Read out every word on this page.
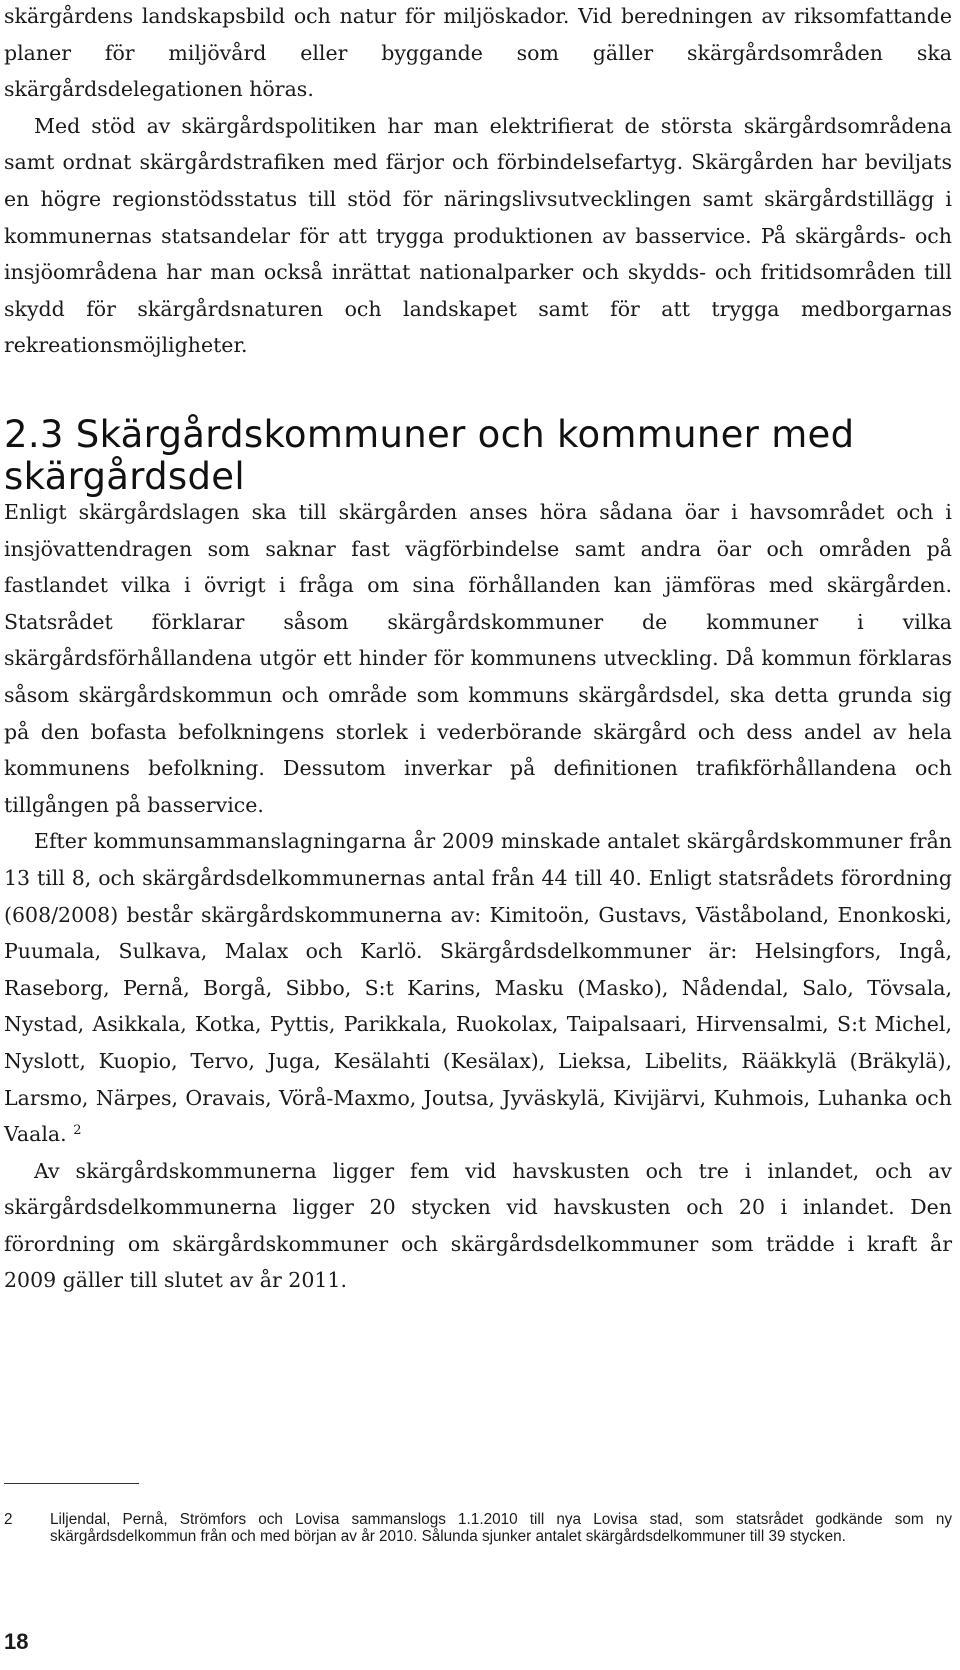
skärgårdens landskapsbild och natur för miljöskador. Vid beredningen av riksomfattande planer för miljövård eller byggande som gäller skärgårdsområden ska skärgårdsdelegationen höras.

Med stöd av skärgårdspolitiken har man elektrifierat de största skärgårdsområdena samt ordnat skärgårdstrafiken med färjor och förbindelsefartyg. Skärgården har beviljats en högre regionstödsstatus till stöd för näringslivsutvecklingen samt skärgårdstillägg i kommunernas statsandelar för att trygga produktionen av basservice. På skärgårds- och insjöområdena har man också inrättat nationalparker och skydds- och fritidsområden till skydd för skärgårdsnaturen och landskapet samt för att trygga medborgarnas rekreationsmöjligheter.

2.3 Skärgårdskommuner och kommuner med skärgårdsdel

Enligt skärgårdslagen ska till skärgården anses höra sådana öar i havsområdet och i insjövattendragen som saknar fast vägförbindelse samt andra öar och områden på fastlandet vilka i övrigt i fråga om sina förhållanden kan jämföras med skärgården. Statsrådet förklarar såsom skärgårdskommuner de kommuner i vilka skärgårdsförhållandena utgör ett hinder för kommunens utveckling. Då kommun förklaras såsom skärgårdskommun och område som kommuns skärgårdsdel, ska detta grunda sig på den bofasta befolkningens storlek i vederbörande skärgård och dess andel av hela kommunens befolkning. Dessutom inverkar på definitionen trafikförhållandena och tillgången på basservice.

Efter kommunsammanslagningarna år 2009 minskade antalet skärgårdskommuner från 13 till 8, och skärgårdsdelkommunernas antal från 44 till 40. Enligt statsrådets förordning (608/2008) består skärgårdskommunerna av: Kimitoön, Gustavs, Väståboland, Enonkoski, Puumala, Sulkava, Malax och Karlö. Skärgårdsdelkommuner är: Helsingfors, Ingå, Raseborg, Pernå, Borgå, Sibbo, S:t Karins, Masku (Masko), Nådendal, Salo, Tövsala, Nystad, Asikkala, Kotka, Pyttis, Parikkala, Ruokolax, Taipalsaari, Hirvensalmi, S:t Michel, Nyslott, Kuopio, Tervo, Juga, Kesälahti (Kesälax), Lieksa, Libelits, Rääkkylä (Bräkylä), Larsmo, Närpes, Oravais, Vörå-Maxmo, Joutsa, Jyväskylä, Kivijärvi, Kuhmois, Luhanka och Vaala. $^2$

Av skärgårdskommunerna ligger fem vid havskusten och tre i inlandet, och av skärgårdsdelkommunerna ligger 20 stycken vid havskusten och 20 i inlandet. Den förordning om skärgårdskommuner och skärgårdsdelkommuner som trädde i kraft år 2009 gäller till slutet av år 2011.

2	Liljendal, Pernå, Strömfors och Lovisa sammanslogs 1.1.2010 till nya Lovisa stad, som statsrådet godkände som ny skärgårdsdelkommun från och med början av år 2010. Sålunda sjunker antalet skärgårdsdelkommuner till 39 stycken.

18
